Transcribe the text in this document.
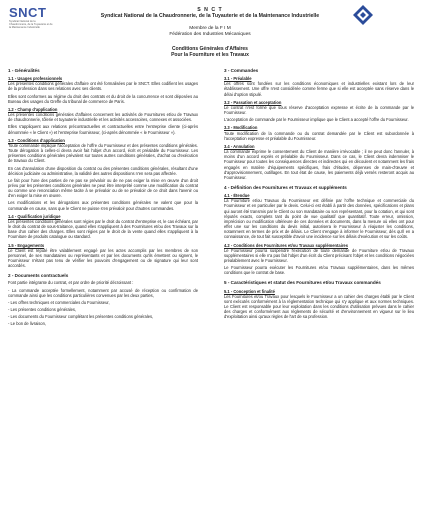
SNCT
Syndicat National de la Chaudronnerie, de la Tuyauterie et de la Maintenance Industrielle
S N C T
Syndicat National de la Chaudronnerie, de la Tuyauterie et de la Maintenance Industrielle
Membre de la F I M
Fédération des Industries Mécaniques
Conditions Générales d'Affaires
Pour la Fourniture et les Travaux
1 - Généralités
1.1 - Usages professionnels

Les présentes conditions générales d'affaire ont été formalisées par le SNCT. Elles codifient les usages de la profession dans ses relations avec ses clients.

Elles sont conformes au régime du droit des contrats et du droit de la concurrence et sont déposées au Bureau des usages du Greffe du tribunal de commerce de Paris.

1.2 - Champ d'application

Les présentes conditions générales d'affaires concernent les activités de Fournitures et/ou de Travaux de chaudronnerie, tôlerie et tuyauterie industrielle et les activités accessoires, connexes et associées.

Elles s'appliquent aux relations précontractuelles et contractuelles entre l'entreprise cliente (ci-après dénommée « le Client ») et l'entreprise fournisseur, (ci-après dénommée « le Fournisseur »).

1.3 - Conditions d'application

Toute commande implique l'acceptation de l'offre du Fournisseur et des présentes conditions générales. Toute dérogation à celles-ci devra avoir fait l'objet d'un accord, écrit et préalable du Fournisseur. Les présentes conditions générales prévalent sur toutes autres conditions générales, d'achat ou d'exécution de travaux du Client.

En cas d'annulation d'une disposition du contrat ou des présentes conditions générales, résultant d'une décision judiciaire ou administrative, la validité des autres dispositions n'en sera pas affectée.

Le fait pour l'une des parties de ne pas se prévaloir ou de ne pas exiger la mise en œuvre d'un droit prévu par les présentes conditions générales ne peut être interprété comme une modification du contrat ou comme une renonciation même tacite à se prévaloir ou de se prévaloir de ce droit dans l'avenir ou d'en exiger la mise en œuvre.

Les modifications et les dérogations aux présentes conditions générales ne valent que pour la commande en cause, sans que le Client ne puisse s'en prévaloir pour d'autres commandes.

1.4 - Qualification juridique

Les présentes conditions générales sont régies par le droit du contrat d'entreprise et, le cas échéant, par le droit du contrat de sous-traitance, quand elles s'appliquent à des Fournitures et/ou des Travaux sur la base d'un cahier des charges. Elles sont régies par le droit de la vente quand elles s'appliquent à la Fourniture de produits catalogue ou standard.

1.5 - Engagements

Le Client est réputé être valablement engagé par les actes accomplis par les membres de son personnel, de ses mandataires ou représentants et par les documents qu'ils émettent ou signent, le Fournisseur n'étant pas tenu de vérifier les pouvoirs d'engagement ou de signature qui leur sont accordés.

2 - Documents contractuels

Font partie intégrante du contrat, et par ordre de priorité décroissant :

- La commande acceptée formellement, notamment par accusé de réception ou confirmation de commande ainsi que les conditions particulières convenues par les deux parties,
- Les offres techniques et commerciales du Fournisseur,
- Les présentes conditions générales,
- Les documents du Fournisseur complétant les présentes conditions générales,
- Le bon de livraison,
3 - Commandes
3.1 - Préalable

Les offres sont fondées sur les conditions économiques et industrielles existant lors de leur établissement. Une offre n'est considérée comme ferme que si elle est acceptée sans réserve dans le délai d'option stipulé.

3.2 - Passation et acceptation

Le contrat n'est formé que sous réserve d'acceptation expresse et écrite de la commande par le Fournisseur.

L'acceptation de commande par le Fournisseur implique que le Client a accepté l'offre du Fournisseur.

3.3 - Modification

Toute modification de la commande ou du contrat demandée par le Client est subordonnée à l'acceptation expresse et préalable du Fournisseur.

3.4 - Annulation

La commande exprime le consentement du Client de manière irrévocable ; il ne peut donc l'annuler, à moins d'un accord exprès et préalable du Fournisseur. Dans ce cas, le Client devra indemniser le Fournisseur pour toutes les conséquences directes et indirectes qui en découlent et notamment les frais engagés en matière d'équipements spécifiques, frais d'études, dépenses de main-d'œuvre et d'approvisionnement, outillages. En tout état de cause, les paiements déjà versés resteront acquis au Fournisseur.

4 - Définition des Fournitures et Travaux et suppléments
4.1 - Étendue

La Fourniture et/ou Travaux du Fournisseur est définie par l'offre technique et commerciale du Fournisseur et en particulier par le devis. Celui-ci est établi à partir des données, spécifications et plans qui auront été transmis par le Client ou son mandataire ou son représentant, pour la cotation, et qui sont réputés exacts, complets tant du point de vue qualitatif que quantitatif. Toute erreur, omission, imprécision ou modification ultérieure de ces données et documents, dans la mesure où elles ont pour effet une sur les conditions du devis initial, autorisera le Fournisseur à réajuster les conditions, notamment en termes de prix et de délais. Le Client s'engage à informer le Fournisseur, dès qu'il en a connaissance, de tout fait susceptible d'avoir une incidence sur les délais d'exécution et sur les coûts.

4.2 - Conditions des Fournitures et/ou Travaux supplémentaires

Le Fournisseur pourra suspendre l'exécution de toute demande de Fourniture et/ou de Travaux supplémentaires si elle n'a pas fait l'objet d'un écrit du Client précisant l'objet et les conditions négociées préalablement avec le Fournisseur.

Le Fournisseur pourra exécuter les Fournitures et/ou Travaux supplémentaires, dans les mêmes conditions que le contrat de base.

5 - Caractéristiques et statut des Fournitures et/ou Travaux commandés
5.1 - Conception et finalité

Les Fournitures et/ou Travaux pour lesquels le Fournisseur a un cahier des charges établi par le Client sont exécutés conformément à la réglementation technique qui s'y applique et aux normes techniques. Le Client est responsable pour leur exploitation dans les conditions d'utilisation prévues dans le cahier des charges et conformément aux règlements de sécurité et d'environnement en vigueur sur le lieu d'exploitation ainsi qu'aux règles de l'art de sa profession.
